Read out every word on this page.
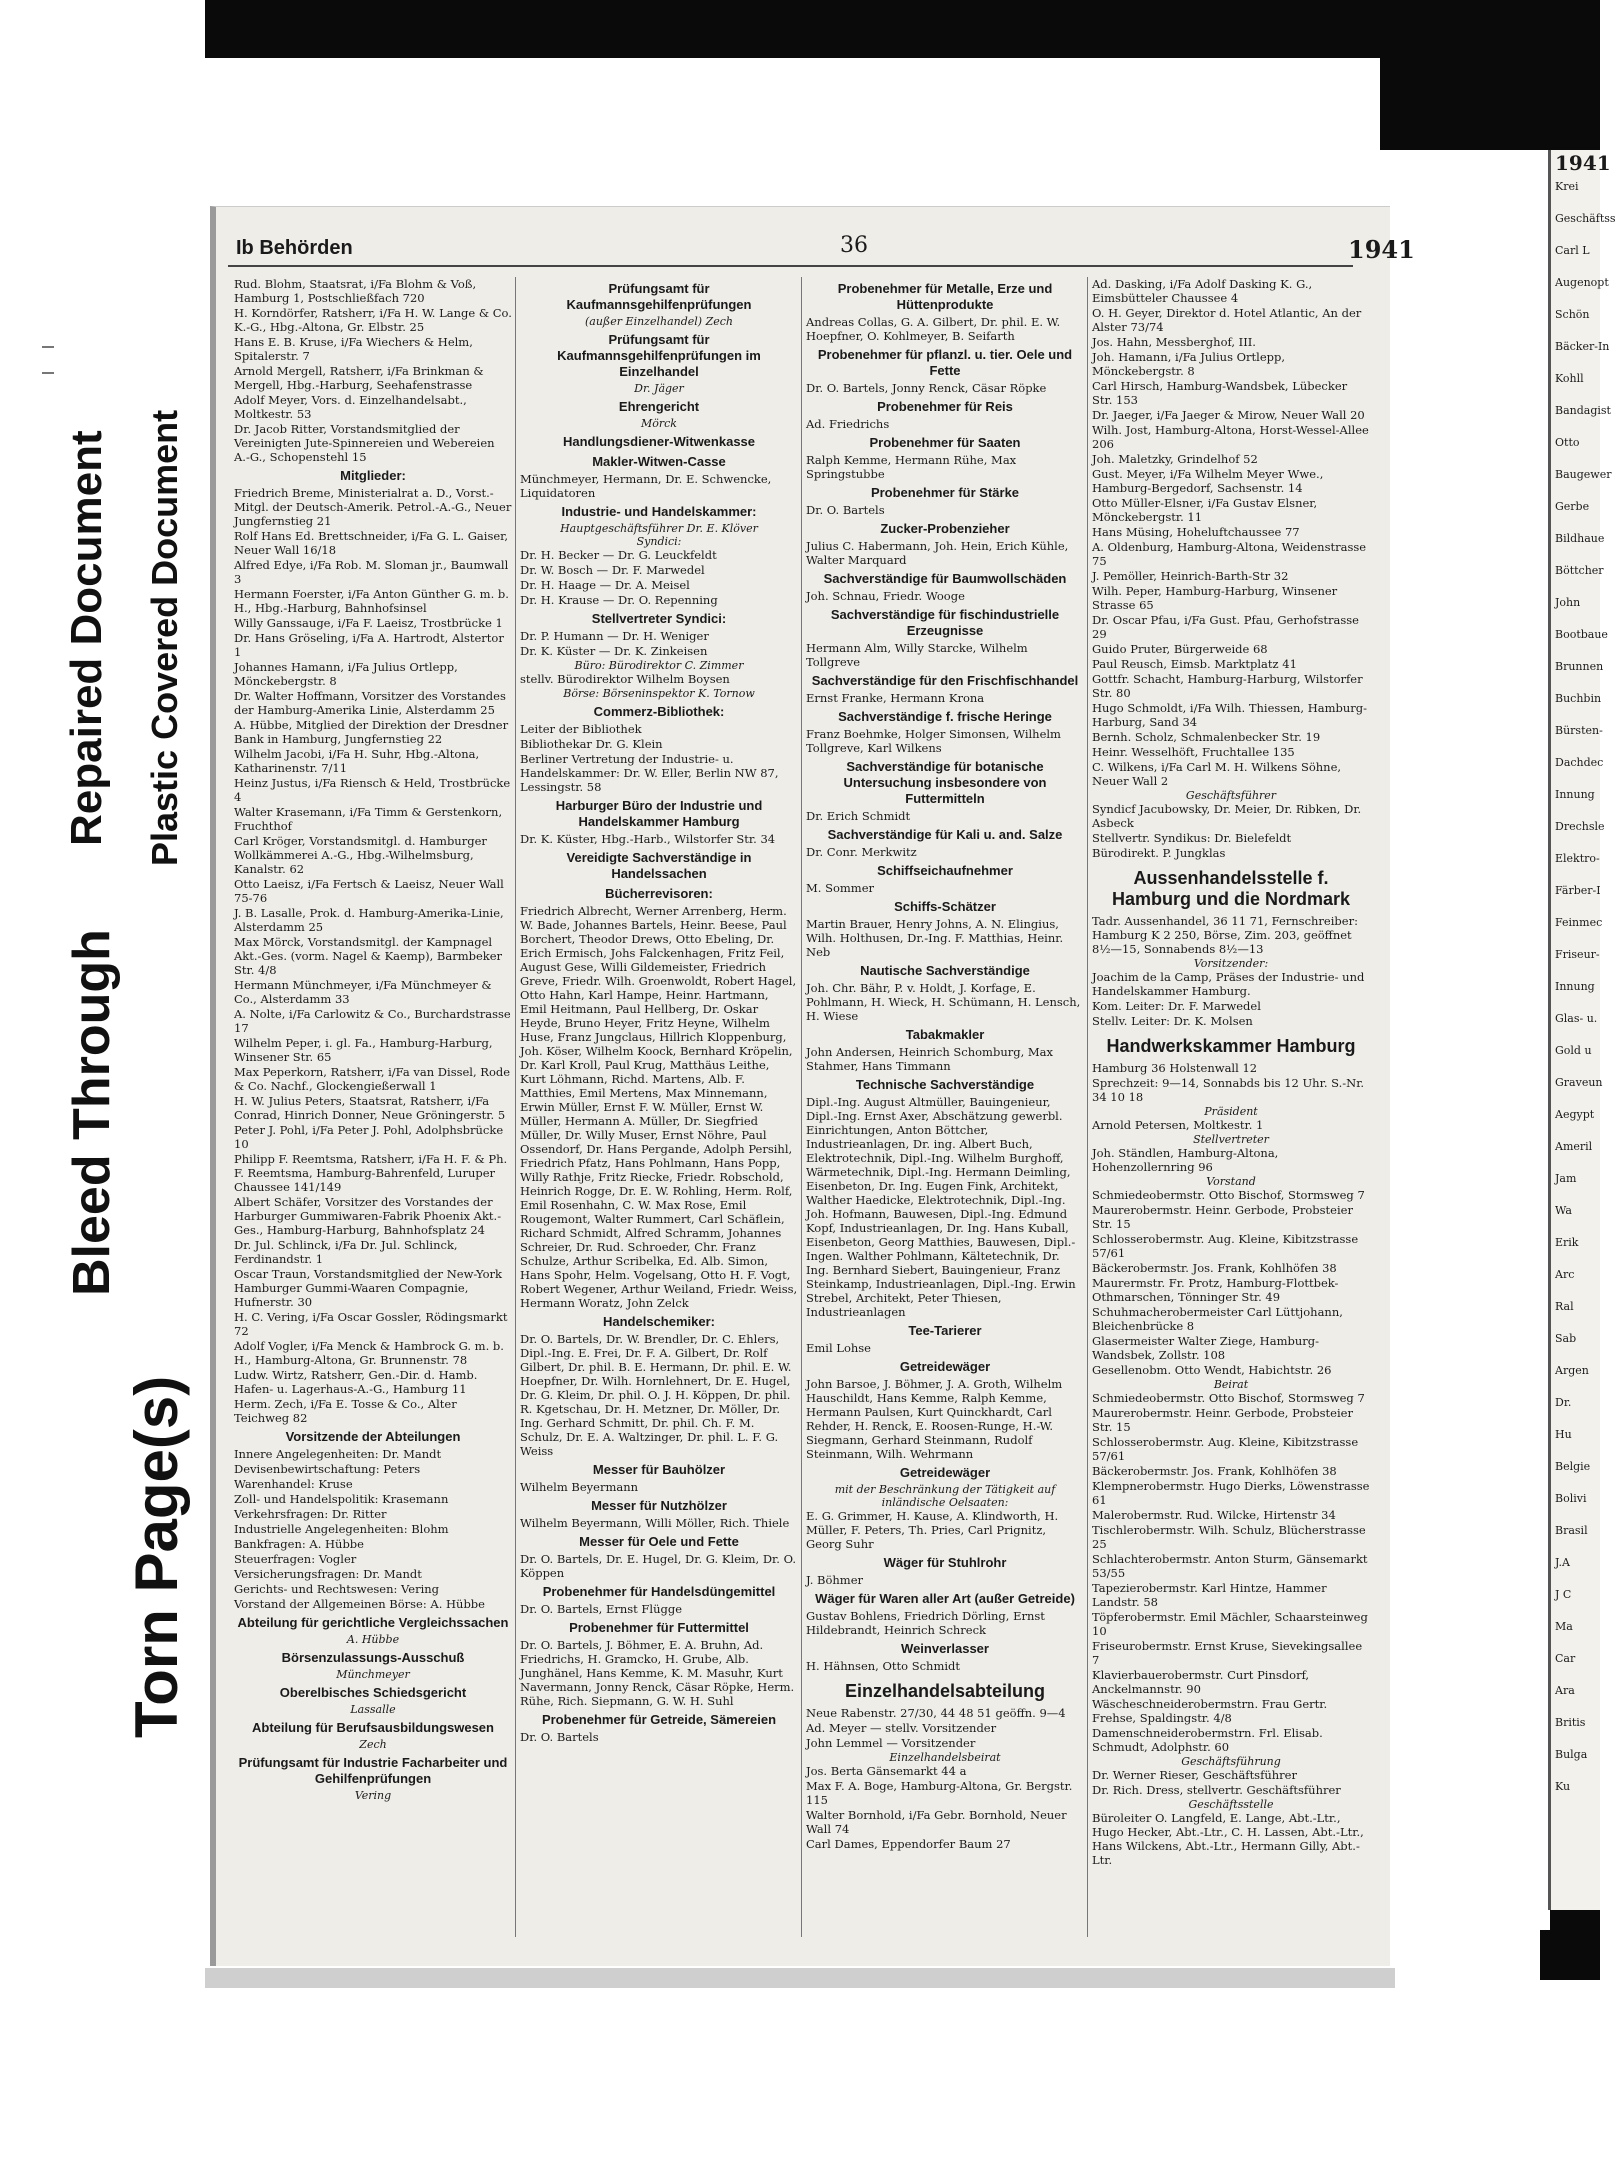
Repaired Document Plastic Covered Document
Bleed Through
Torn Page(s)
Ib Behörden	36	1941
Rud. Blohm, Staatsrat, i/Fa Blohm & Voß, Hamburg 1, Postschließfach 720
H. Korndörfer, Ratsherr, i/Fa H. W. Lange & Co. K.-G., Hbg.-Altona, Gr. Elbstr. 25
Hans E. B. Kruse, i/Fa Wiechers & Helm, Spitalerstr. 7
Arnold Mergell, Ratsherr, i/Fa Brinkman & Mergell, Hbg.-Harburg, Seehafenstrasse
Adolf Meyer, Vors. d. Einzelhandelsabt., Moltkestr. 53
Dr. Jacob Ritter, Vorstandsmitglied der Vereinigten Jute-Spinnereien und Webereien A.-G., Schopenstehl 15
Mitglieder:
Friedrich Breme, Ministerialrat a. D., Vorst.-Mitgl. der Deutsch-Amerik. Petrol.-A.-G., Neuer Jungfernstieg 21
Rolf Hans Ed. Brettschneider, i/Fa G. L. Gaiser, Neuer Wall 16/18
Alfred Edye, i/Fa Rob. M. Sloman jr., Baumwall 3
Hermann Foerster, i/Fa Anton Günther G. m. b. H., Hbg.-Harburg, Bahnhofsinsel
Willy Ganssauge, i/Fa F. Laeisz, Trostbrücke 1
Dr. Hans Gröseling, i/Fa A. Hartrodt, Alstertor 1
Johannes Hamann, i/Fa Julius Ortlepp, Mönckebergstr. 8
Dr. Walter Hoffmann, Vorsitzer des Vorstandes der Hamburg-Amerika Linie, Alsterdamm 25
A. Hübbe, Mitglied der Direktion der Dresdner Bank in Hamburg, Jungfernstieg 22
Wilhelm Jacobi, i/Fa H. Suhr, Hbg.-Altona, Katharinenstr. 7/11
Heinz Justus, i/Fa Riensch & Held, Trostbrücke 4
Walter Krasemann, i/Fa Timm & Gerstenkorn, Fruchthof
Carl Kröger, Vorstandsmitgl. d. Hamburger Wollkämmerei A.-G., Hbg.-Wilhelmsburg, Kanalstr. 62
Otto Laeisz, i/Fa Fertsch & Laeisz, Neuer Wall 75-76
J. B. Lasalle, Prok. d. Hamburg-Amerika-Linie, Alsterdamm 25
Max Mörck, Vorstandsmitgl. der Kampnagel Akt.-Ges. (vorm. Nagel & Kaemp), Barmbeker Str. 4/8
Hermann Münchmeyer, i/Fa Münchmeyer & Co., Alsterdamm 33
A. Nolte, i/Fa Carlowitz & Co., Burchardstrasse 17
Wilhelm Peper, i. gl. Fa., Hamburg-Harburg, Winsener Str. 65
Max Peperkorn, Ratsherr, i/Fa van Dissel, Rode & Co. Nachf., Glockengießerwall 1
H. W. Julius Peters, Staatsrat, Ratsherr, i/Fa Conrad, Hinrich Donner, Neue Gröningerstr. 5
Peter J. Pohl, i/Fa Peter J. Pohl, Adolphsbrücke 10
Philipp F. Reemtsma, Ratsherr, i/Fa H. F. & Ph. F. Reemtsma, Hamburg-Bahrenfeld, Luruper Chaussee 141/149
Albert Schäfer, Vorsitzer des Vorstandes der Harburger Gummiwaren-Fabrik Phoenix Akt.-Ges., Hamburg-Harburg, Bahnhofsplatz 24
Dr. Jul. Schlinck, i/Fa Dr. Jul. Schlinck, Ferdinandstr. 1
Oscar Traun, Vorstandsmitglied der New-York Hamburger Gummi-Waaren Compagnie, Hufnerstr. 30
H. C. Vering, i/Fa Oscar Gossler, Rödingsmarkt 72
Adolf Vogler, i/Fa Menck & Hambrock G. m. b. H., Hamburg-Altona, Gr. Brunnenstr. 78
Ludw. Wirtz, Ratsherr, Gen.-Dir. d. Hamb. Hafen- u. Lagerhaus-A.-G., Hamburg 11
Herm. Zech, i/Fa E. Tosse & Co., Alter Teichweg 82
Vorsitzende der Abteilungen
Innere Angelegenheiten: Dr. Mandt
Devisenbewirtschaftung: Peters
Warenhandel: Kruse
Zoll- und Handelspolitik: Krasemann
Verkehrsfragen: Dr. Ritter
Industrielle Angelegenheiten: Blohm
Bankfragen: A. Hübbe
Steuerfragen: Vogler
Versicherungsfragen: Dr. Mandt
Gerichts- und Rechtswesen: Vering
Vorstand der Allgemeinen Börse: A. Hübbe
Abteilung für gerichtliche Vergleichssachen
A. Hübbe
Börsenzulassungs-Ausschuß
Münchmeyer
Oberelbisches Schiedsgericht
Lassalle
Abteilung für Berufsausbildungswesen
Zech
Prüfungsamt für Industrie Facharbeiter und Gehilfenprüfungen
Vering
Prüfungsamt für Kaufmannsgehilfenprüfungen
(außer Einzelhandel) Zech
Prüfungsamt für Kaufmannsgehilfenprüfungen im Einzelhandel
Dr. Jäger
Ehrengericht
Mörck
Handlungsdiener-Witwenkasse
Makler-Witwen-Casse
Münchmeyer, Hermann, Dr. E. Schwencke, Liquidatoren
Industrie- und Handelskammer:
Hauptgeschäftsführer Dr. E. Klöver
Syndici:
Dr. H. Becker — Dr. G. Leuckfeldt
Dr. W. Bosch — Dr. F. Marwedel
Dr. H. Haage — Dr. A. Meisel
Dr. H. Krause — Dr. O. Repenning
Stellvertreter Syndici:
Dr. P. Humann — Dr. H. Weniger
Dr. K. Küster — Dr. K. Zinkeisen
Büro: Bürodirektor C. Zimmer
stellv. Bürodirektor Wilhelm Boysen
Börse: Börseninspektor K. Tornow
Commerz-Bibliothek:
Leiter der Bibliothek
Bibliothekar Dr. G. Klein
Berliner Vertretung der Industrie- u. Handelskammer: Dr. W. Eller, Berlin NW 87, Lessingstr. 58
Harburger Büro der Industrie und Handelskammer Hamburg
Dr. K. Küster, Hbg.-Harb., Wilstorfer Str. 34
Vereidigte Sachverständige in Handelssachen
Bücherrevisoren:
Friedrich Albrecht, Werner Arrenberg, Herm. W. Bade, Johannes Bartels, Heinr. Beese, Paul Borchert, Theodor Drews, Otto Ebeling, Dr. Erich Ermisch, Johs Falckenhagen, Fritz Feil, August Gese, Willi Gildemeister, Friedrich Greve, Friedr. Wilh. Groenwoldt, Robert Hagel, Otto Hahn, Karl Hampe, Heinr. Hartmann, Emil Heitmann, Paul Hellberg, Dr. Oskar Heyde, Bruno Heyer, Fritz Heyne, Wilhelm Huse, Franz Jungclaus, Hillrich Kloppenburg, Joh. Köser, Wilhelm Koock, Bernhard Kröpelin, Dr. Karl Kroll, Paul Krug, Matthäus Leithe, Kurt Löhmann, Richd. Martens, Alb. F. Matthies, Emil Mertens, Max Minnemann, Erwin Müller, Ernst F. W. Müller, Ernst W. Müller, Hermann A. Müller, Dr. Siegfried Müller, Dr. Willy Muser, Ernst Nöhre, Paul Ossendorf, Dr. Hans Pergande, Adolph Persihl, Friedrich Pfatz, Hans Pohlmann, Hans Popp, Willy Rathje, Fritz Riecke, Friedr. Robschold, Heinrich Rogge, Dr. E. W. Rohling, Herm. Rolf, Emil Rosenhahn, C. W. Max Rose, Emil Rougemont, Walter Rummert, Carl Schäflein, Richard Schmidt, Alfred Schramm, Johannes Schreier, Dr. Rud. Schroeder, Chr. Franz Schulze, Arthur Scribelka, Ed. Alb. Simon, Hans Spohr, Helm. Vogelsang, Otto H. F. Vogt, Robert Wegener, Arthur Weiland, Friedr. Weiss, Hermann Woratz, John Zelck
Handelschemiker:
Dr. O. Bartels, Dr. W. Brendler, Dr. C. Ehlers, Dipl.-Ing. E. Frei, Dr. F. A. Gilbert, Dr. Rolf Gilbert, Dr. phil. B. E. Hermann, Dr. phil. E. W. Hoepfner, Dr. Wilh. Hornlehnert, Dr. E. Hugel, Dr. G. Kleim, Dr. phil. O. J. H. Köppen, Dr. phil. R. Kgetschau, Dr. H. Metzner, Dr. Möller, Dr. Ing. Gerhard Schmitt, Dr. phil. Ch. F. M. Schulz, Dr. E. A. Waltzinger, Dr. phil. L. F. G. Weiss
Messer für Bauhölzer
Wilhelm Beyermann
Messer für Nutzhölzer
Wilhelm Beyermann, Willi Möller, Rich. Thiele
Messer für Oele und Fette
Dr. O. Bartels, Dr. E. Hugel, Dr. G. Kleim, Dr. O. Köppen
Probenehmer für Handelsdüngemittel
Dr. O. Bartels, Ernst Flügge
Probenehmer für Futtermittel
Dr. O. Bartels, J. Böhmer, E. A. Bruhn, Ad. Friedrichs, H. Gramcko, H. Grube, Alb. Junghänel, Hans Kemme, K. M. Masuhr, Kurt Navermann, Jonny Renck, Cäsar Röpke, Herm. Rühe, Rich. Siepmann, G. W. H. Suhl
Probenehmer für Getreide, Sämereien
Dr. O. Bartels
Probenehmer für Metalle, Erze und Hüttenprodukte
Andreas Collas, G. A. Gilbert, Dr. phil. E. W. Hoepfner, O. Kohlmeyer, B. Seifarth
Probenehmer für pflanzl. u. tier. Oele und Fette
Dr. O. Bartels, Jonny Renck, Cäsar Röpke
Probenehmer für Reis
Ad. Friedrichs
Probenehmer für Saaten
Ralph Kemme, Hermann Rühe, Max Springstubbe
Probenehmer für Stärke
Dr. O. Bartels
Zucker-Probenzieher
Julius C. Habermann, Joh. Hein, Erich Kühle, Walter Marquard
Sachverständige für Baumwollschäden
Joh. Schnau, Friedr. Wooge
Sachverständige für fischindustrielle Erzeugnisse
Hermann Alm, Willy Starcke, Wilhelm Tollgreve
Sachverständige für den Frischfischhandel
Ernst Franke, Hermann Krona
Sachverständige f. frische Heringe
Franz Boehmke, Holger Simonsen, Wilhelm Tollgreve, Karl Wilkens
Sachverständige für botanische Untersuchung insbesondere von Futtermitteln
Dr. Erich Schmidt
Sachverständige für Kali u. and. Salze
Dr. Conr. Merkwitz
Schiffseichaufnehmer
M. Sommer
Schiffs-Schätzer
Martin Brauer, Henry Johns, A. N. Elingius, Wilh. Holthusen, Dr.-Ing. F. Matthias, Heinr. Neb
Nautische Sachverständige
Joh. Chr. Bähr, P. v. Holdt, J. Korfage, E. Pohlmann, H. Wieck, H. Schümann, H. Lensch, H. Wiese
Tabakmakler
John Andersen, Heinrich Schomburg, Max Stahmer, Hans Timmann
Technische Sachverständige
Dipl.-Ing. August Altmüller, Bauingenieur, Dipl.-Ing. Ernst Axer, Abschätzung gewerbl. Einrichtungen, Anton Böttcher, Industrieanlagen, Dr. ing. Albert Buch, Elektrotechnik, Dipl.-Ing. Wilhelm Burghoff, Wärmetechnik, Dipl.-Ing. Hermann Deimling, Eisenbeton, Dr. Ing. Eugen Fink, Architekt, Walther Haedicke, Elektrotechnik, Dipl.-Ing. Joh. Hofmann, Bauwesen, Dipl.-Ing. Edmund Kopf, Industrieanlagen, Dr. Ing. Hans Kuball, Eisenbeton, Georg Matthies, Bauwesen, Dipl.-Ingen. Walther Pohlmann, Kältetechnik, Dr. Ing. Bernhard Siebert, Bauingenieur, Franz Steinkamp, Industrieanlagen, Dipl.-Ing. Erwin Strebel, Architekt, Peter Thiesen, Industrieanlagen
Tee-Tarierer
Emil Lohse
Getreidewäger
John Barsoe, J. Böhmer, J. A. Groth, Wilhelm Hauschildt, Hans Kemme, Ralph Kemme, Hermann Paulsen, Kurt Quinckhardt, Carl Rehder, H. Renck, E. Roosen-Runge, H.-W. Siegmann, Gerhard Steinmann, Rudolf Steinmann, Wilh. Wehrmann
Getreidewäger
mit der Beschränkung der Tätigkeit auf inländische Oelsaaten:
E. G. Grimmer, H. Kause, A. Klindworth, H. Müller, F. Peters, Th. Pries, Carl Prignitz, Georg Suhr
Wäger für Stuhlrohr
J. Böhmer
Wäger für Waren aller Art (außer Getreide)
Gustav Bohlens, Friedrich Dörling, Ernst Hildebrandt, Heinrich Schreck
Weinverlasser
H. Hähnsen, Otto Schmidt
Einzelhandelsabteilung
Neue Rabenstr. 27/30, 44 48 51 geöffn. 9—4
Ad. Meyer — stellv. Vorsitzender
John Lemmel — Vorsitzender
Einzelhandelsbeirat
Jos. Berta Gänsemarkt 44 a
Max F. A. Boge, Hamburg-Altona, Gr. Bergstr. 115
Walter Bornhold, i/Fa Gebr. Bornhold, Neuer Wall 74
Carl Dames, Eppendorfer Baum 27
Ad. Dasking, i/Fa Adolf Dasking K. G., Eimsbütteler Chaussee 4
O. H. Geyer, Direktor d. Hotel Atlantic, An der Alster 73/74
Jos. Hahn, Messberghof, III.
Joh. Hamann, i/Fa Julius Ortlepp, Mönckebergstr. 8
Carl Hirsch, Hamburg-Wandsbek, Lübecker Str. 153
Dr. Jaeger, i/Fa Jaeger & Mirow, Neuer Wall 20
Wilh. Jost, Hamburg-Altona, Horst-Wessel-Allee 206
Joh. Maletzky, Grindelhof 52
Gust. Meyer, i/Fa Wilhelm Meyer Wwe., Hamburg-Bergedorf, Sachsenstr. 14
Otto Müller-Elsner, i/Fa Gustav Elsner, Mönckebergstr. 11
Hans Müsing, Hoheluftchaussee 77
A. Oldenburg, Hamburg-Altona, Weidenstrasse 75
J. Pemöller, Heinrich-Barth-Str 32
Wilh. Peper, Hamburg-Harburg, Winsener Strasse 65
Dr. Oscar Pfau, i/Fa Gust. Pfau, Gerhofstrasse 29
Guido Pruter, Bürgerweide 68
Paul Reusch, Eimsb. Marktplatz 41
Gottfr. Schacht, Hamburg-Harburg, Wilstorfer Str. 80
Hugo Schmoldt, i/Fa Wilh. Thiessen, Hamburg-Harburg, Sand 34
Bernh. Scholz, Schmalenbecker Str. 19
Heinr. Wesselhöft, Fruchtallee 135
C. Wilkens, i/Fa Carl M. H. Wilkens Söhne, Neuer Wall 2
Geschäftsführer
Syndicf Jacubowsky, Dr. Meier, Dr. Ribken, Dr. Asbeck
Stellvertr. Syndikus: Dr. Bielefeldt
Bürodirekt. P. Jungklas
Aussenhandelsstelle f. Hamburg und die Nordmark
Tadr. Aussenhandel, 36 11 71, Fernschreiber: Hamburg K 2 250, Börse, Zim. 203, geöffnet 8½—15, Sonnabends 8½—13
Vorsitzender:
Joachim de la Camp, Präses der Industrie- und Handelskammer Hamburg.
Kom. Leiter: Dr. F. Marwedel
Stellv. Leiter: Dr. K. Molsen
Handwerkskammer Hamburg
Hamburg 36 Holstenwall 12
Sprechzeit: 9—14, Sonnabds bis 12 Uhr. S.-Nr. 34 10 18
Präsident
Arnold Petersen, Moltkestr. 1
Stellvertreter
Joh. Ständlen, Hamburg-Altona, Hohenzollernring 96
Vorstand
Schmiedeobermstr. Otto Bischof, Stormsweg 7
Maurerobermstr. Heinr. Gerbode, Probsteier Str. 15
Schlosserobermstr. Aug. Kleine, Kibitzstrasse 57/61
Bäckerobermstr. Jos. Frank, Kohlhöfen 38
Maurermstr. Fr. Protz, Hamburg-Flottbek-Othmarschen, Tönninger Str. 49
Schuhmacherobermeister Carl Lüttjohann, Bleichenbrücke 8
Glasermeister Walter Ziege, Hamburg-Wandsbek, Zollstr. 108
Gesellenobm. Otto Wendt, Habichtstr. 26
Beirat
Schmiedeobermstr. Otto Bischof, Stormsweg 7
Maurerobermstr. Heinr. Gerbode, Probsteier Str. 15
Schlosserobermstr. Aug. Kleine, Kibitzstrasse 57/61
Bäckerobermstr. Jos. Frank, Kohlhöfen 38
Klempnerobermstr. Hugo Dierks, Löwenstrasse 61
Malerobermstr. Rud. Wilcke, Hirtenstr 34
Tischlerobermstr. Wilh. Schulz, Blücherstrasse 25
Schlachterobermstr. Anton Sturm, Gänsemarkt 53/55
Tapezierobermstr. Karl Hintze, Hammer Landstr. 58
Töpferobermstr. Emil Mächler, Schaarsteinweg 10
Friseurobermstr. Ernst Kruse, Sievekingsallee 7
Klavierbauerobermstr. Curt Pinsdorf, Anckelmannstr. 90
Wäscheschneiderobermstrn. Frau Gertr. Frehse, Spaldingstr. 4/8
Damenschneiderobermstrn. Frl. Elisab. Schmudt, Adolphstr. 60
Geschäftsführung
Dr. Werner Rieser, Geschäftsführer
Dr. Rich. Dress, stellvertr. Geschäftsführer
Geschäftsstelle
Büroleiter O. Langfeld, E. Lange, Abt.-Ltr., Hugo Hecker, Abt.-Ltr., C. H. Lassen, Abt.-Ltr., Hans Wilckens, Abt.-Ltr., Hermann Gilly, Abt.-Ltr.
1941
Krei
Geschäftss
Carl L
Augenopt
Schön
Bäcker-In
Kohll
Bandagist
Otto
Baugewer
Gerbe
Bildhaue
Böttcher
John
Bootbaue
Brunnen
Buchbin
Bürsten-
Dachdec
Innung
Drechsle
Elektro-
Färber-I
Feinmec
Friseur-
Innung
Glas- u.
Gold u
Graveun
Aegypt
Ameril
Jam
Wa
Erik
Arc
Ral
Sab
Argen
Dr.
Hu
Belgie
Bolivi
Brasil
J.A
J C
Ma
Car
Ara
Britis
Bulga
Ku
